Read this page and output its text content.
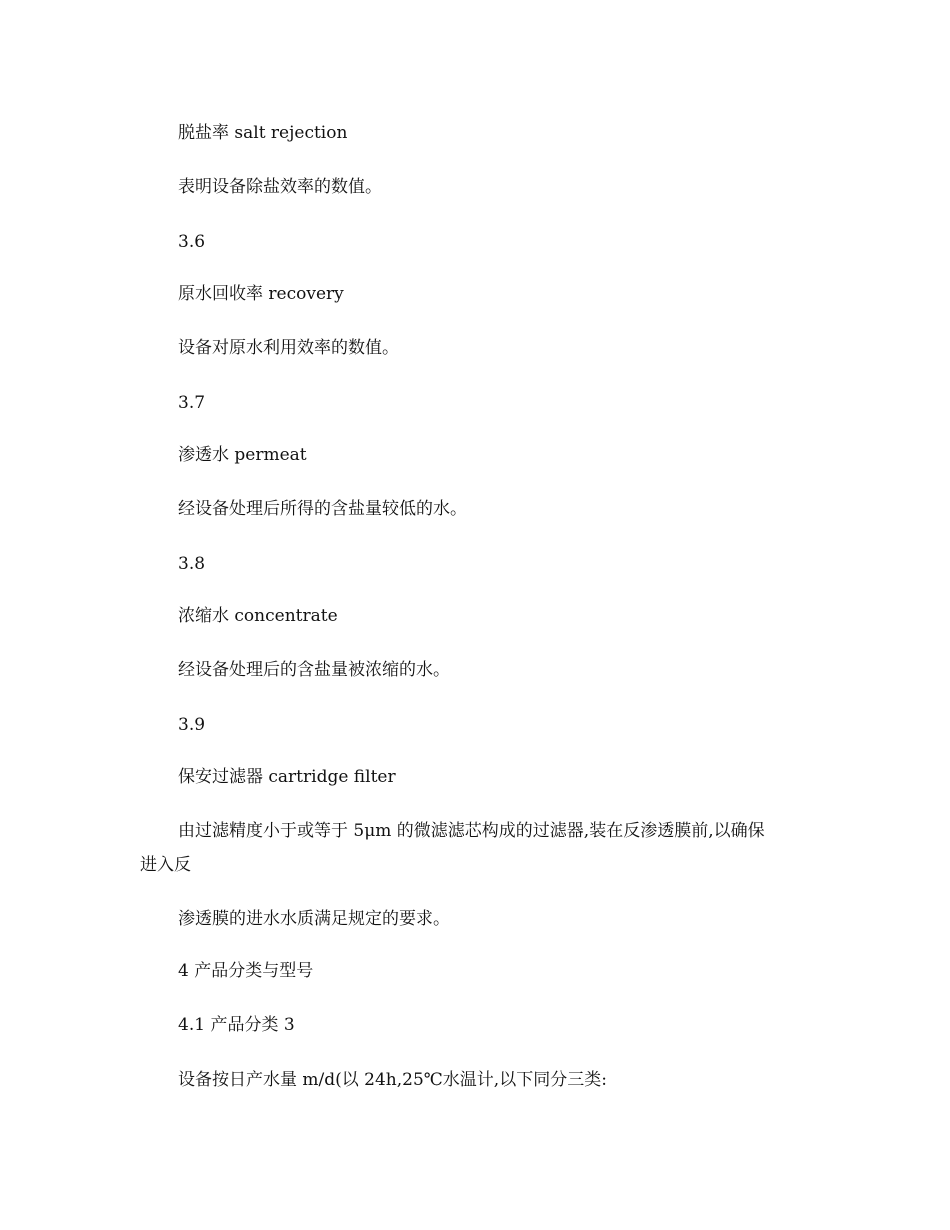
脱盐率 salt rejection

表明设备除盐效率的数值。

3.6

原水回收率 recovery

设备对原水利用效率的数值。

3.7

渗透水 permeat

经设备处理后所得的含盐量较低的水。

3.8

浓缩水 concentrate

经设备处理后的含盐量被浓缩的水。

3.9

保安过滤器 cartridge filter

由过滤精度小于或等于 5μm 的微滤滤芯构成的过滤器,装在反渗透膜前,以确保

进入反

渗透膜的进水水质满足规定的要求。

4 产品分类与型号

4.1 产品分类 3

设备按日产水量 m/d(以 24h,25℃水温计,以下同分三类:
